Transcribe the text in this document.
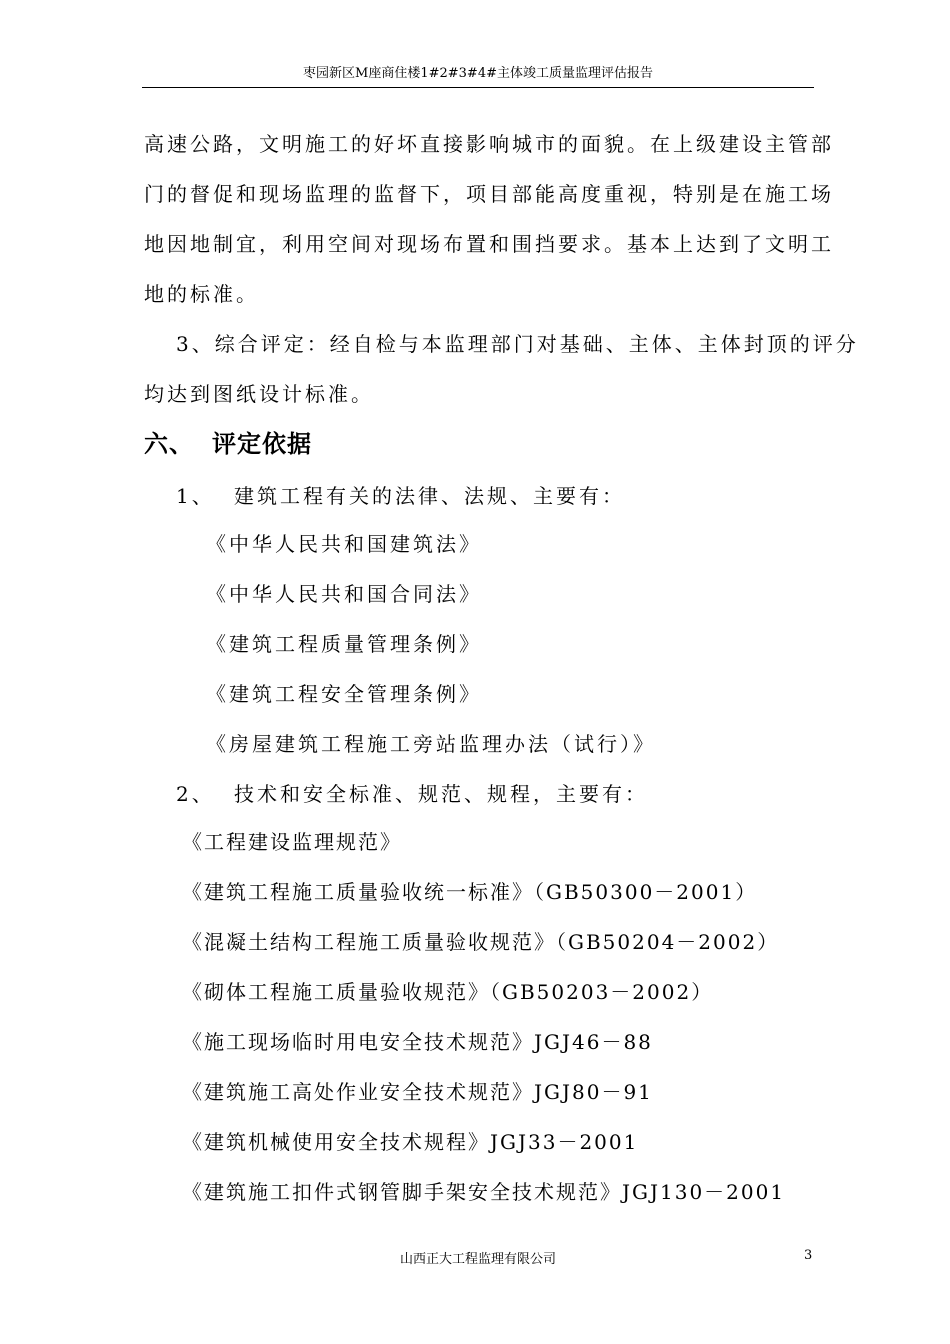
枣园新区M座商住楼1#2#3#4#主体竣工质量监理评估报告
高速公路，文明施工的好坏直接影响城市的面貌。在上级建设主管部
门的督促和现场监理的监督下，项目部能高度重视，特别是在施工场
地因地制宜，利用空间对现场布置和围挡要求。基本上达到了文明工
地的标准。
3、综合评定：经自检与本监理部门对基础、主体、主体封顶的评分
均达到图纸设计标准。
六、 评定依据
1、 建筑工程有关的法律、法规、主要有：
《中华人民共和国建筑法》
《中华人民共和国合同法》
《建筑工程质量管理条例》
《建筑工程安全管理条例》
《房屋建筑工程施工旁站监理办法（试行）》
2、 技术和安全标准、规范、规程，主要有：
《工程建设监理规范》
《建筑工程施工质量验收统一标准》（GB50300－2001）
《混凝土结构工程施工质量验收规范》（GB50204－2002）
《砌体工程施工质量验收规范》（GB50203－2002）
《施工现场临时用电安全技术规范》JGJ46－88
《建筑施工高处作业安全技术规范》JGJ80－91
《建筑机械使用安全技术规程》JGJ33－2001
《建筑施工扣件式钢管脚手架安全技术规范》JGJ130－2001
山西正大工程监理有限公司	3
